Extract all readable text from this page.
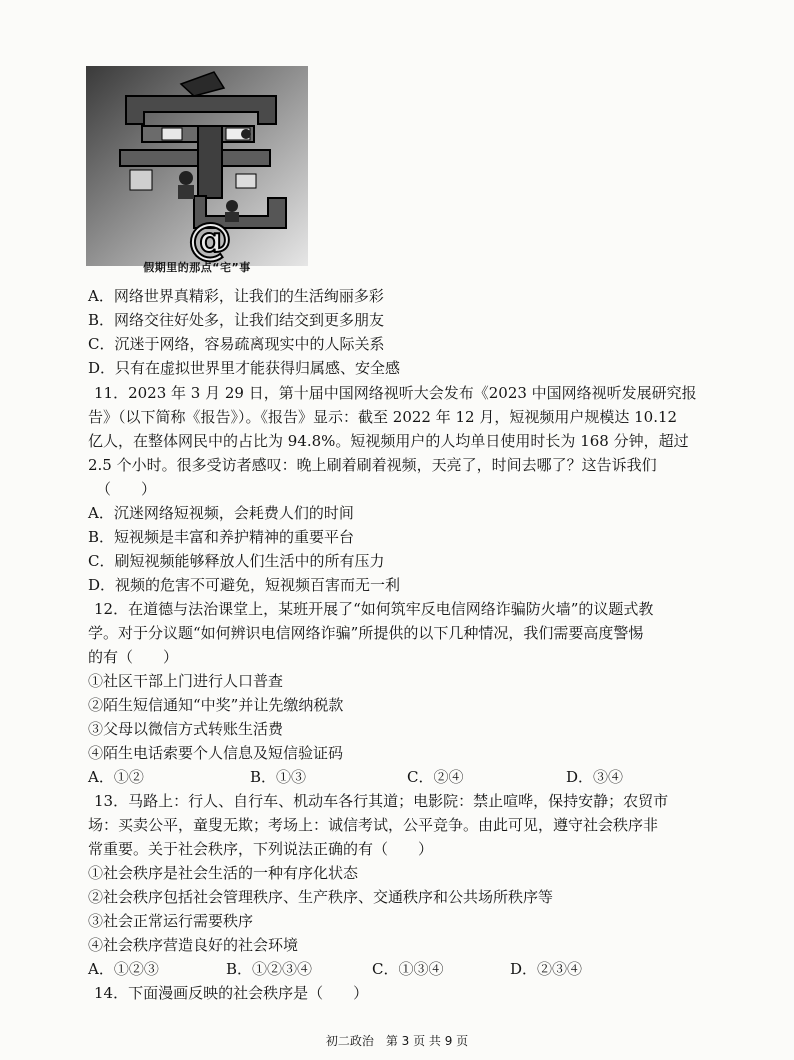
@
假期里的那点“宅”事
A．网络世界真精彩，让我们的生活绚丽多彩
B．网络交往好处多，让我们结交到更多朋友
C．沉迷于网络，容易疏离现实中的人际关系
D．只有在虚拟世界里才能获得归属感、安全感
11．2023 年 3 月 29 日，第十届中国网络视听大会发布《2023 中国网络视听发展研究报
告》（以下简称《报告》）。《报告》显示：截至 2022 年 12 月，短视频用户规模达 10.12
亿人，在整体网民中的占比为 94.8%。短视频用户的人均单日使用时长为 168 分钟，超过
2.5 个小时。很多受访者感叹：晚上刷着刷着视频，天亮了，时间去哪了？这告诉我们
（　　）
A．沉迷网络短视频，会耗费人们的时间
B．短视频是丰富和养护精神的重要平台
C．刷短视频能够释放人们生活中的所有压力
D．视频的危害不可避免，短视频百害而无一利
12．在道德与法治课堂上，某班开展了“如何筑牢反电信网络诈骗防火墙”的议题式教
学。对于分议题“如何辨识电信网络诈骗”所提供的以下几种情况，我们需要高度警惕
的有（　　）
①社区干部上门进行人口普查
②陌生短信通知“中奖”并让先缴纳税款
③父母以微信方式转账生活费
④陌生电话索要个人信息及短信验证码
A．①②	B．①③	C．②④	D．③④
13．马路上：行人、自行车、机动车各行其道；电影院：禁止喧哗，保持安静；农贸市
场：买卖公平，童叟无欺；考场上：诚信考试，公平竞争。由此可见，遵守社会秩序非
常重要。关于社会秩序，下列说法正确的有（　　）
①社会秩序是社会生活的一种有序化状态
②社会秩序包括社会管理秩序、生产秩序、交通秩序和公共场所秩序等
③社会正常运行需要秩序
④社会秩序营造良好的社会环境
A．①②③	B．①②③④	C．①③④	D．②③④
14．下面漫画反映的社会秩序是（　　）
初二政治　第 3 页 共 9 页
